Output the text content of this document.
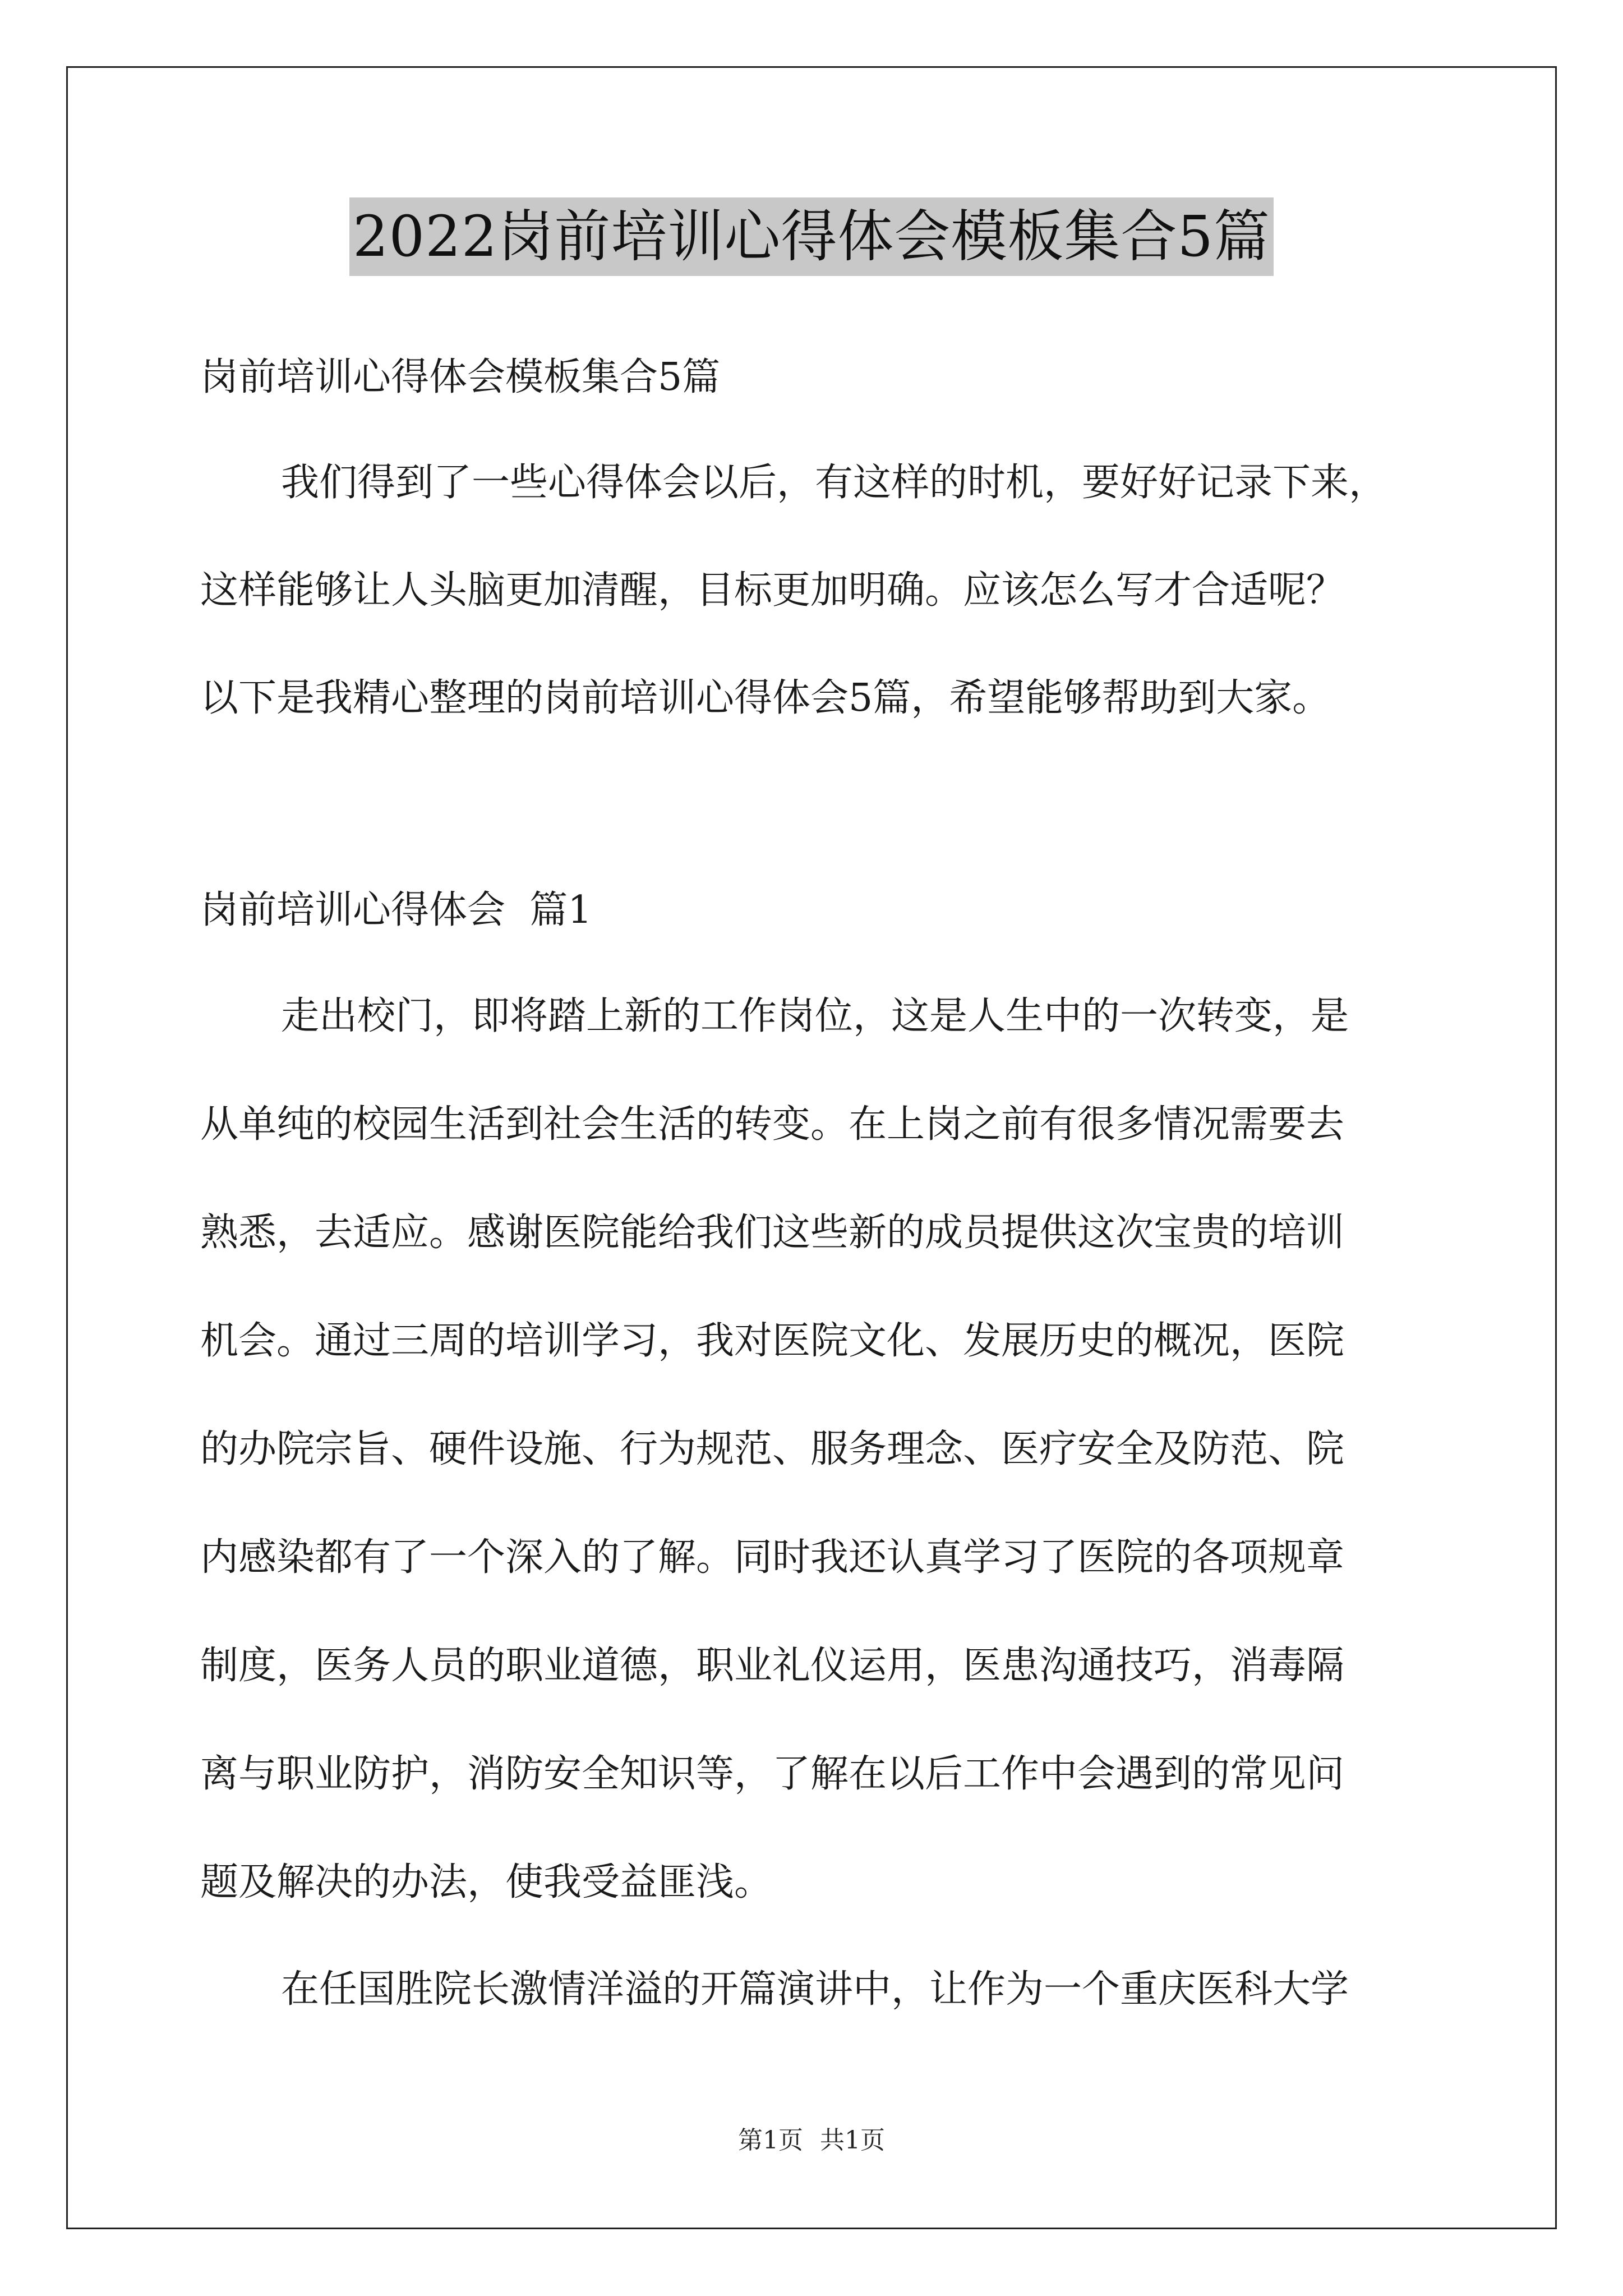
2022岗前培训心得体会模板集合5篇
岗前培训心得体会模板集合5篇
我们得到了一些心得体会以后，有这样的时机，要好好记录下来，
这样能够让人头脑更加清醒，目标更加明确。应该怎么写才合适呢？
以下是我精心整理的岗前培训心得体会5篇，希望能够帮助到大家。
岗前培训心得体会  篇1
走出校门，即将踏上新的工作岗位，这是人生中的一次转变，是
从单纯的校园生活到社会生活的转变。在上岗之前有很多情况需要去
熟悉，去适应。感谢医院能给我们这些新的成员提供这次宝贵的培训
机会。通过三周的培训学习，我对医院文化、发展历史的概况，医院
的办院宗旨、硬件设施、行为规范、服务理念、医疗安全及防范、院
内感染都有了一个深入的了解。同时我还认真学习了医院的各项规章
制度，医务人员的职业道德，职业礼仪运用，医患沟通技巧，消毒隔
离与职业防护，消防安全知识等，了解在以后工作中会遇到的常见问
题及解决的办法，使我受益匪浅。
在任国胜院长激情洋溢的开篇演讲中，让作为一个重庆医科大学
第1页 共1页
